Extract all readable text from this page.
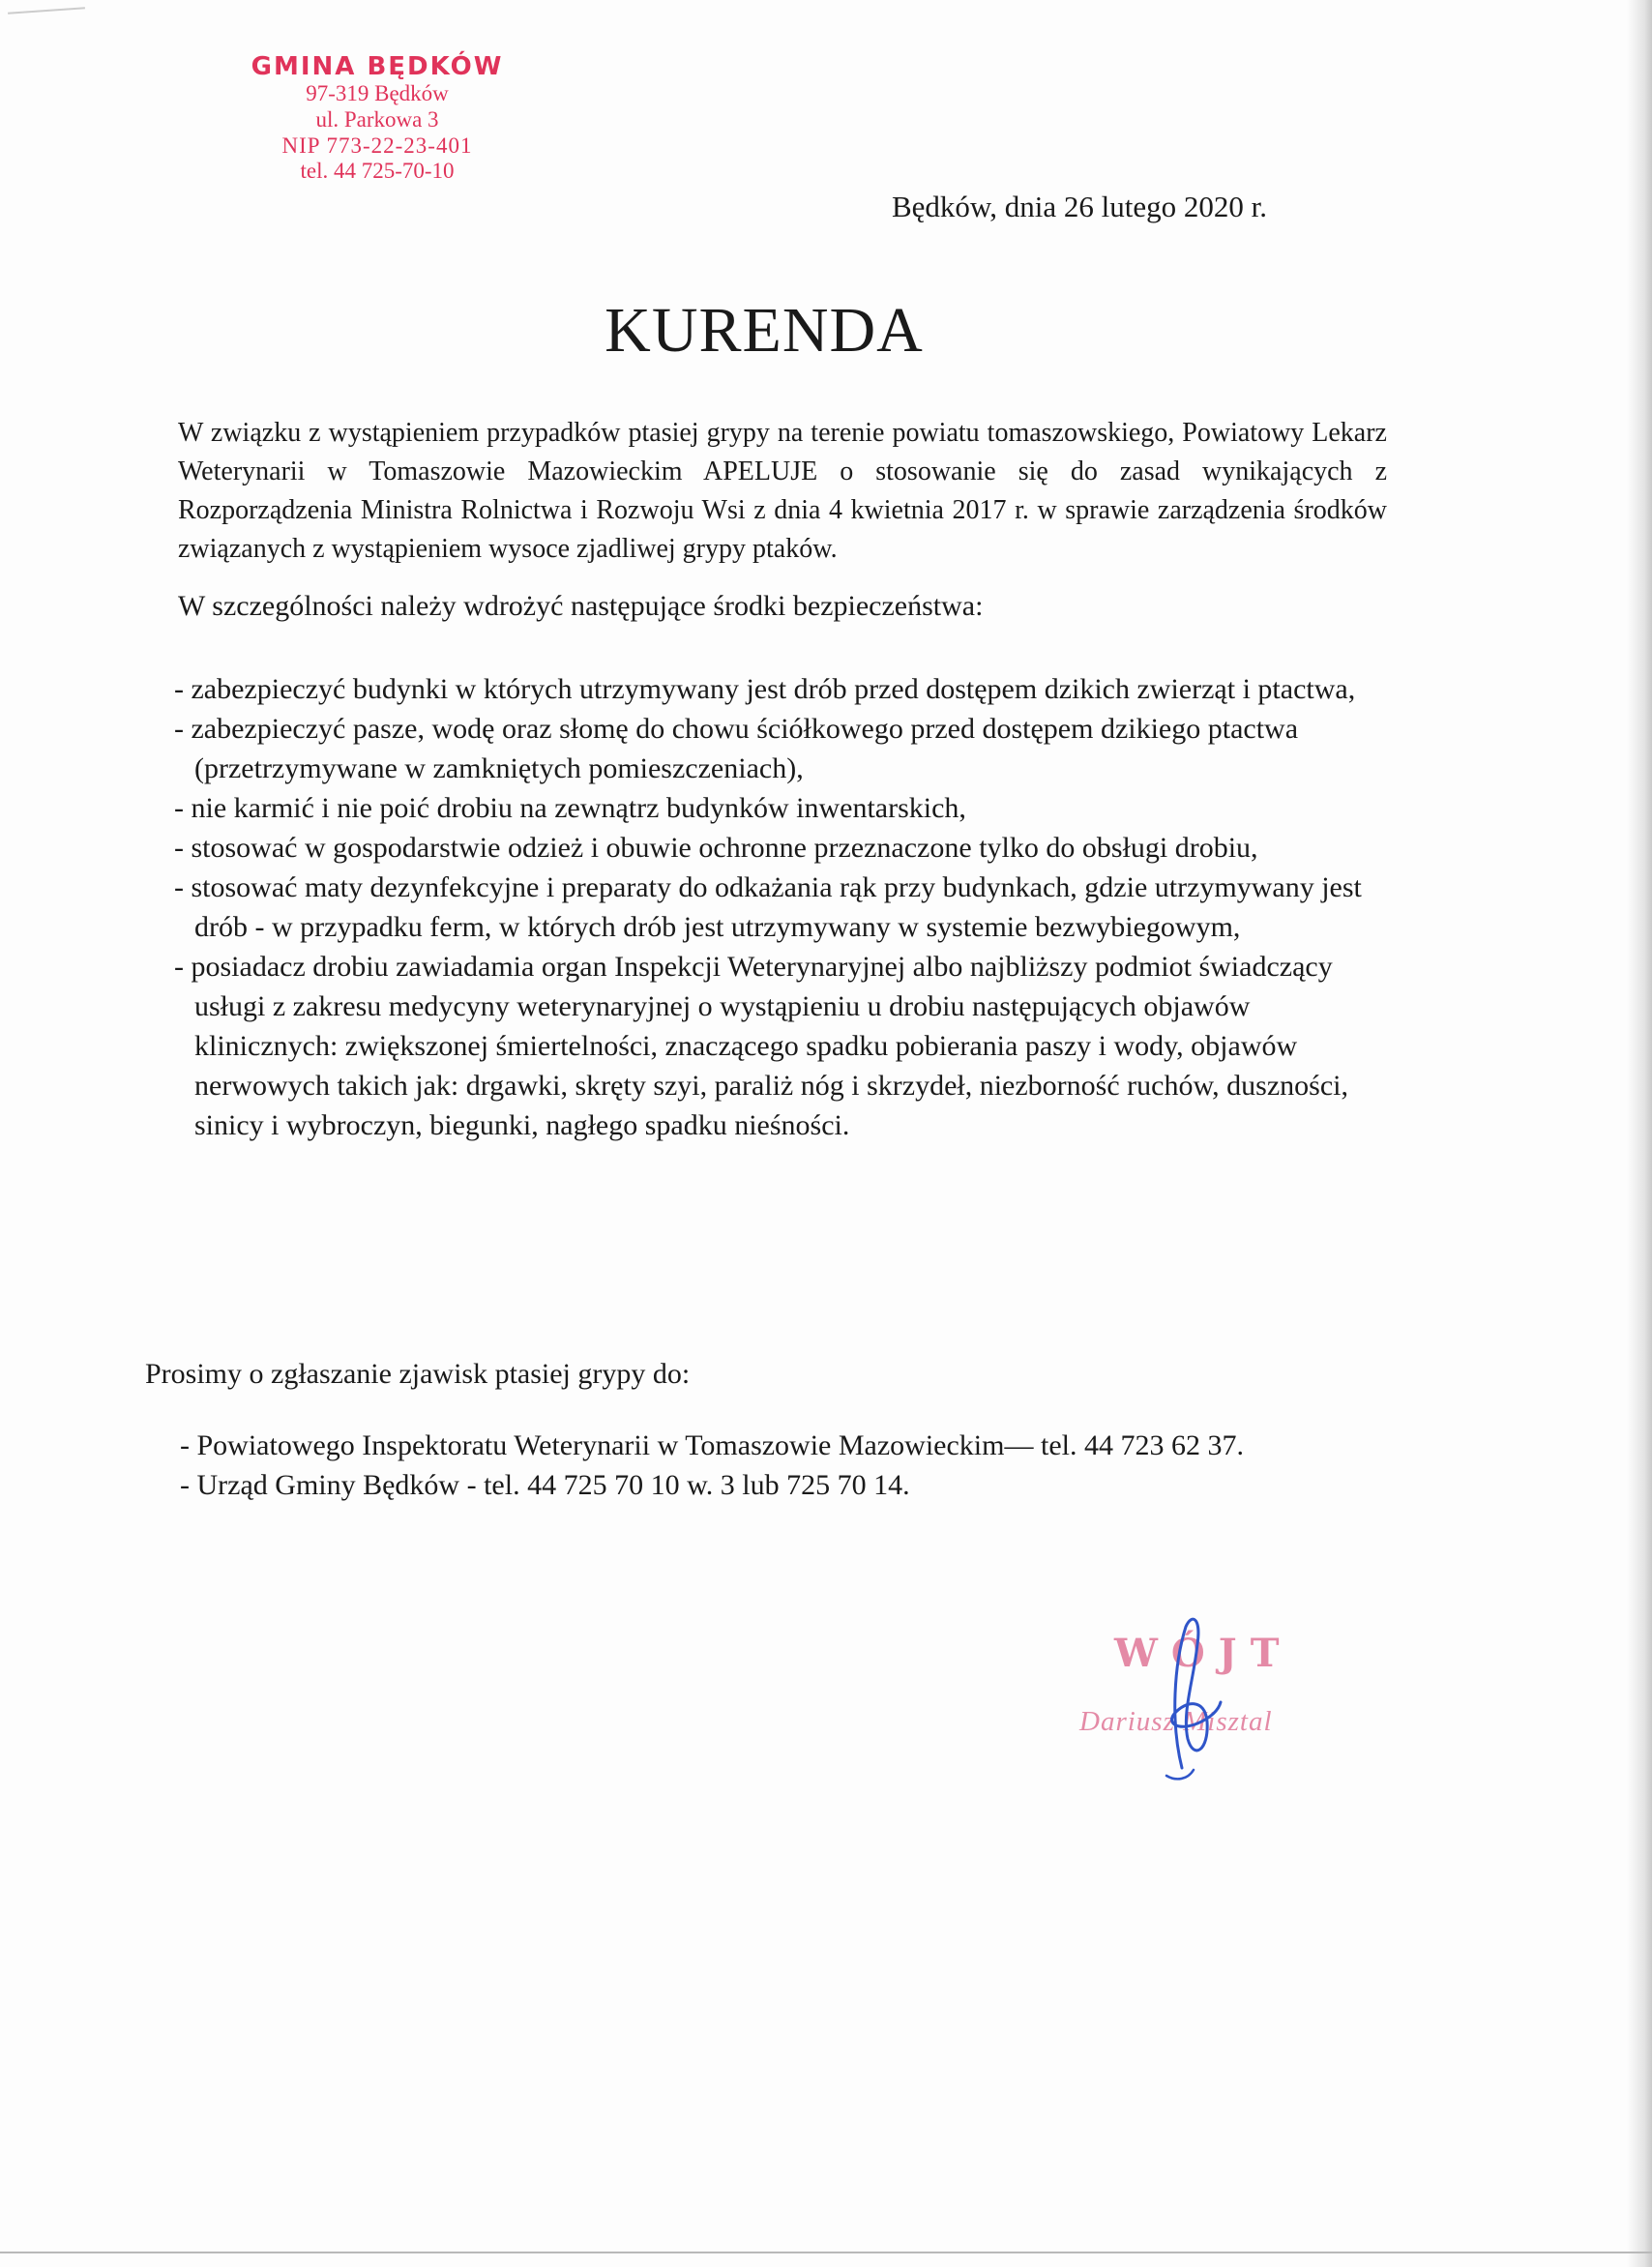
GMINA BĘDKÓW
97-319 Będków
ul. Parkowa 3
NIP 773-22-23-401
tel. 44 725-70-10
Będków, dnia 26 lutego 2020 r.
KURENDA

W związku z wystąpieniem przypadków ptasiej grypy na terenie powiatu tomaszowskiego, Powiatowy Lekarz Weterynarii w Tomaszowie Mazowieckim APELUJE o stosowanie się do zasad wynikających z Rozporządzenia Ministra Rolnictwa i Rozwoju Wsi z dnia 4 kwietnia 2017 r. w sprawie zarządzenia środków związanych z wystąpieniem wysoce zjadliwej grypy ptaków.

W szczególności należy wdrożyć następujące środki bezpieczeństwa:

- zabezpieczyć budynki w których utrzymywany jest drób przed dostępem dzikich zwierząt i ptactwa,
- zabezpieczyć pasze, wodę oraz słomę do chowu ściółkowego przed dostępem dzikiego ptactwa (przetrzymywane w zamkniętych pomieszczeniach),
- nie karmić i nie poić drobiu na zewnątrz budynków inwentarskich,
- stosować w gospodarstwie odzież i obuwie ochronne przeznaczone tylko do obsługi drobiu,
- stosować maty dezynfekcyjne i preparaty do odkażania rąk przy budynkach, gdzie utrzymywany jest drób - w przypadku ferm, w których drób jest utrzymywany w systemie bezwybiegowym,
- posiadacz drobiu zawiadamia organ Inspekcji Weterynaryjnej albo najbliższy podmiot świadczący usługi z zakresu medycyny weterynaryjnej o wystąpieniu u drobiu następujących objawów klinicznych: zwiększonej śmiertelności, znaczącego spadku pobierania paszy i wody, objawów nerwowych takich jak: drgawki, skręty szyi, paraliż nóg i skrzydeł, niezborność ruchów, duszności, sinicy i wybroczyn, biegunki, nagłego spadku nieśności.

Prosimy o zgłaszanie zjawisk ptasiej grypy do:

- Powiatowego Inspektoratu Weterynarii w Tomaszowie Mazowieckim— tel. 44 723 62 37.
- Urząd Gminy Będków - tel. 44 725 70 10 w. 3 lub 725 70 14.
WÓJT
Dariusz Misztal
